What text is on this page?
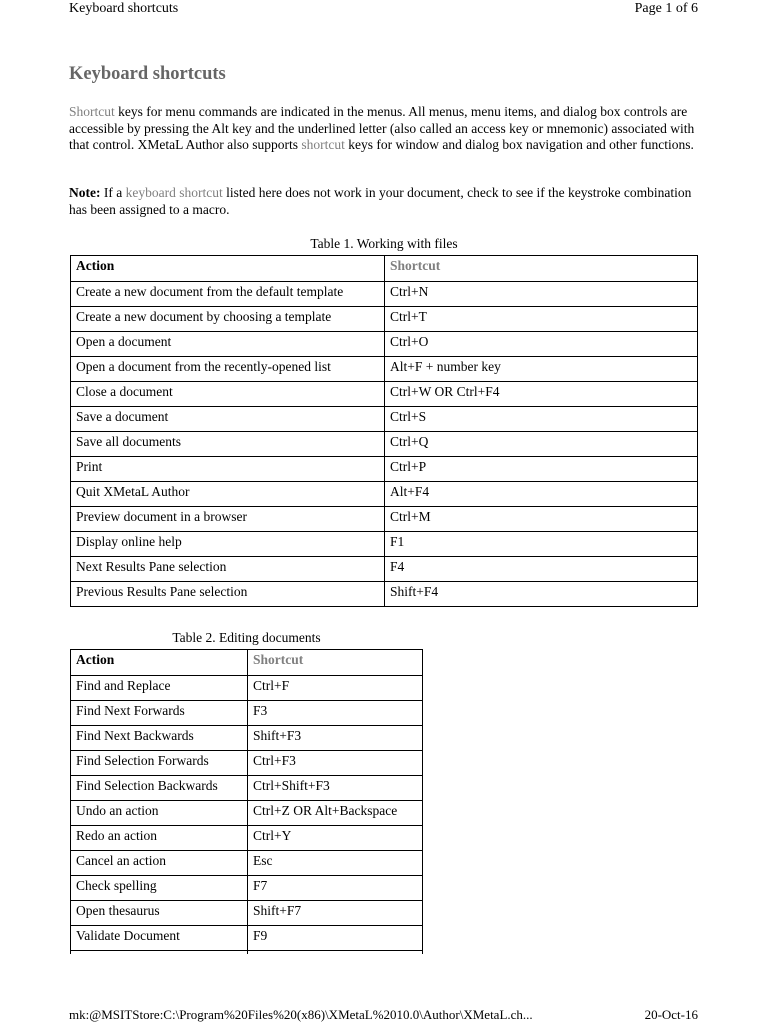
Keyboard shortcuts	Page 1 of 6
Keyboard shortcuts

Shortcut keys for menu commands are indicated in the menus. All menus, menu items, and dialog box controls are accessible by pressing the Alt key and the underlined letter (also called an access key or mnemonic) associated with that control. XMetaL Author also supports shortcut keys for window and dialog box navigation and other functions.

Note: If a keyboard shortcut listed here does not work in your document, check to see if the keystroke combination has been assigned to a macro.

Table 1. Working with files
Action	Shortcut
Create a new document from the default template	Ctrl+N
Create a new document by choosing a template	Ctrl+T
Open a document	Ctrl+O
Open a document from the recently-opened list	Alt+F + number key
Close a document	Ctrl+W OR Ctrl+F4
Save a document	Ctrl+S
Save all documents	Ctrl+Q
Print	Ctrl+P
Quit XMetaL Author	Alt+F4
Preview document in a browser	Ctrl+M
Display online help	F1
Next Results Pane selection	F4
Previous Results Pane selection	Shift+F4
Table 2. Editing documents
Action	Shortcut
Find and Replace	Ctrl+F
Find Next Forwards	F3
Find Next Backwards	Shift+F3
Find Selection Forwards	Ctrl+F3
Find Selection Backwards	Ctrl+Shift+F3
Undo an action	Ctrl+Z OR Alt+Backspace
Redo an action	Ctrl+Y
Cancel an action	Esc
Check spelling	F7
Open thesaurus	Shift+F7
Validate Document	F9

mk:@MSITStore:C:\Program%20Files%20(x86)\XMetaL%2010.0\Author\XMetaL.ch...	20-Oct-16
